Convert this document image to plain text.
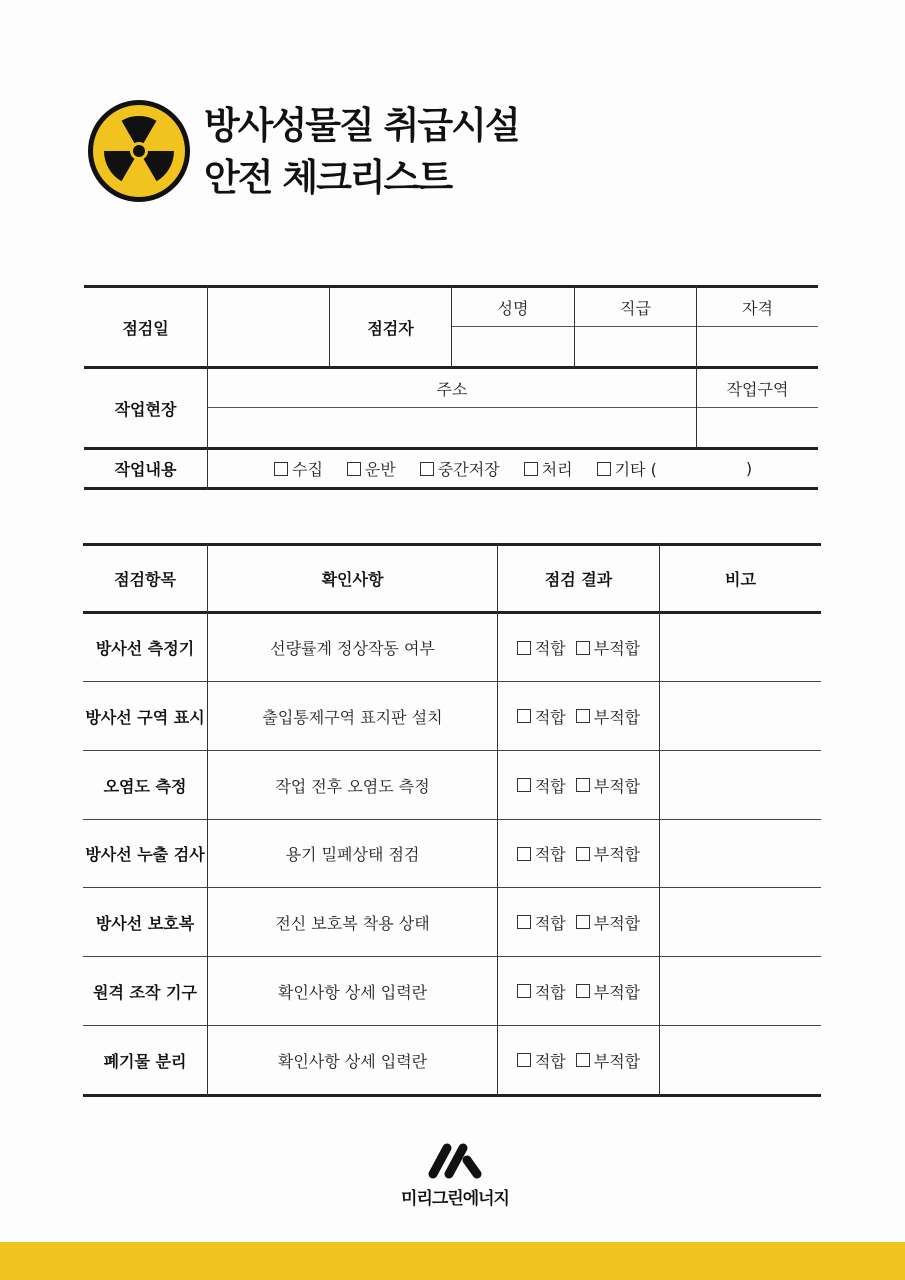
방사성물질 취급시설
안전 체크리스트
점검일	점검자
성명	직급	자격
작업현장
주소	작업구역
작업내용	수집	운반	중간저장	처리	기타 (	)
점검항목	확인사항	점검 결과	비고
방사선 측정기	선량률계 정상작동 여부	적합 부적합
방사선 구역 표시	출입통제구역 표지판 설치	적합 부적합
오염도 측정	작업 전후 오염도 측정	적합 부적합
방사선 누출 검사	용기 밀폐상태 점검	적합 부적합
방사선 보호복	전신 보호복 착용 상태	적합 부적합
원격 조작 기구	확인사항 상세 입력란	적합 부적합
폐기물 분리	확인사항 상세 입력란	적합 부적합
미리그린에너지
